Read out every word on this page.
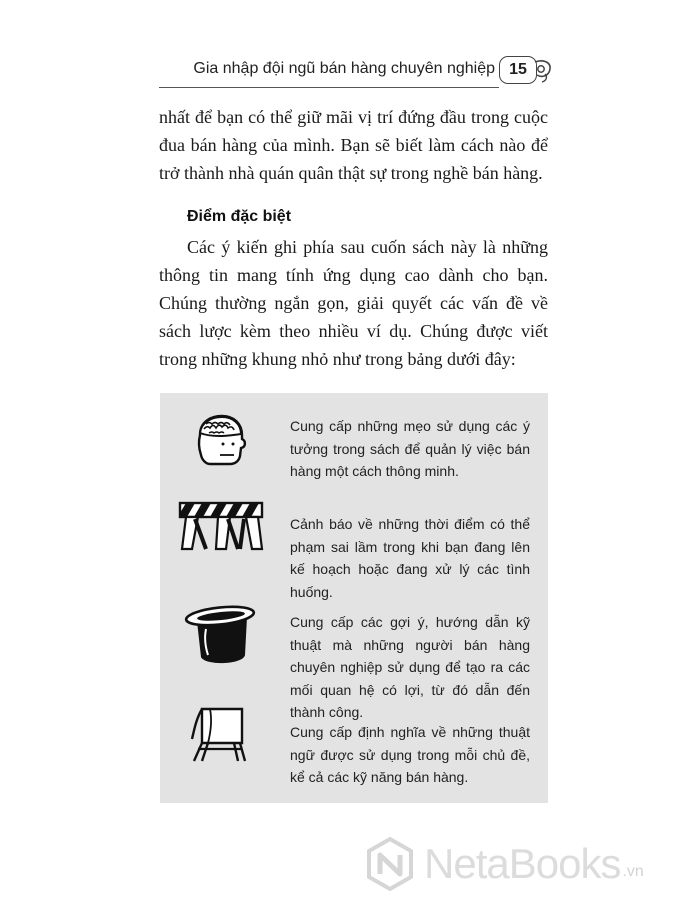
Gia nhập đội ngũ bán hàng chuyên nghiệp 15

nhất để bạn có thể giữ mãi vị trí đứng đầu trong cuộc đua bán hàng của mình. Bạn sẽ biết làm cách nào để trở thành nhà quán quân thật sự trong nghề bán hàng.

Điểm đặc biệt

Các ý kiến ghi phía sau cuốn sách này là những thông tin mang tính ứng dụng cao dành cho bạn. Chúng thường ngắn gọn, giải quyết các vấn đề về sách lược kèm theo nhiều ví dụ. Chúng được viết trong những khung nhỏ như trong bảng dưới đây:

Cung cấp những mẹo sử dụng các ý tưởng trong sách để quản lý việc bán hàng một cách thông minh.

Cảnh báo về những thời điểm có thể phạm sai lầm trong khi bạn đang lên kế hoạch hoặc đang xử lý các tình huống.

Cung cấp các gợi ý, hướng dẫn kỹ thuật mà những người bán hàng chuyên nghiệp sử dụng để tạo ra các mối quan hệ có lợi, từ đó dẫn đến thành công.

Cung cấp định nghĩa về những thuật ngữ được sử dụng trong mỗi chủ đề, kể cả các kỹ năng bán hàng.

NetaBooks .vn
